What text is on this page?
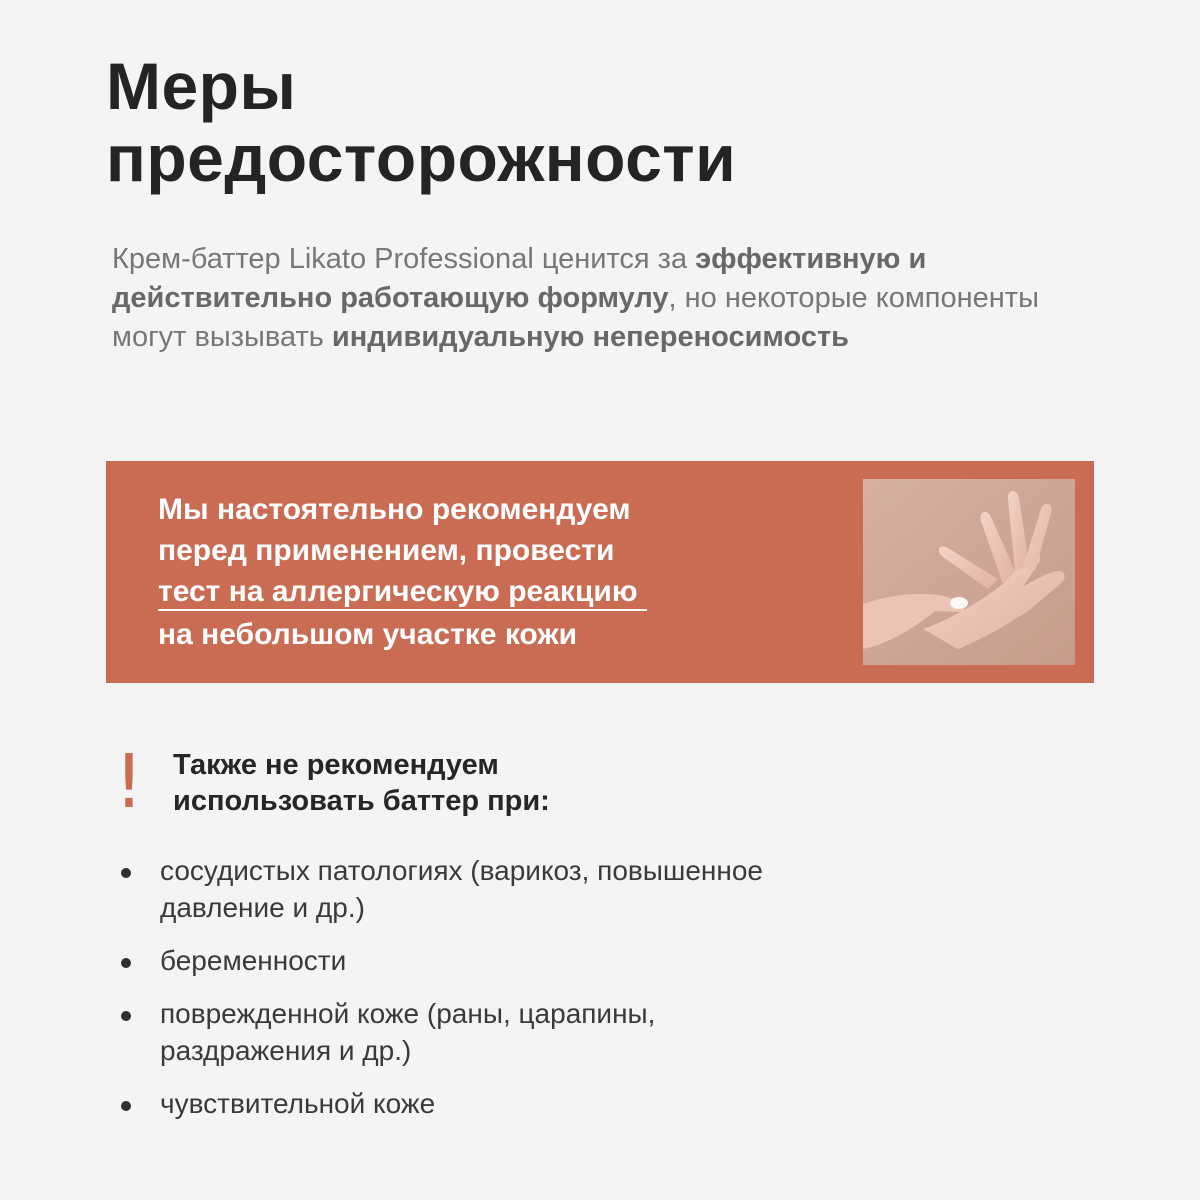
Меры
предосторожности

Крем-баттер Likato Professional ценится за эффективную и действительно работающую формулу, но некоторые компоненты могут вызывать индивидуальную непереносимость

Мы настоятельно рекомендуем
перед применением, провести
тест на аллергическую реакцию
на небольшом участке кожи

! Также не рекомендуем
использовать баттер при:

сосудистых патологиях (варикоз, повышенное
давление и др.)
беременности
поврежденной коже (раны, царапины,
раздражения и др.)
чувствительной коже
